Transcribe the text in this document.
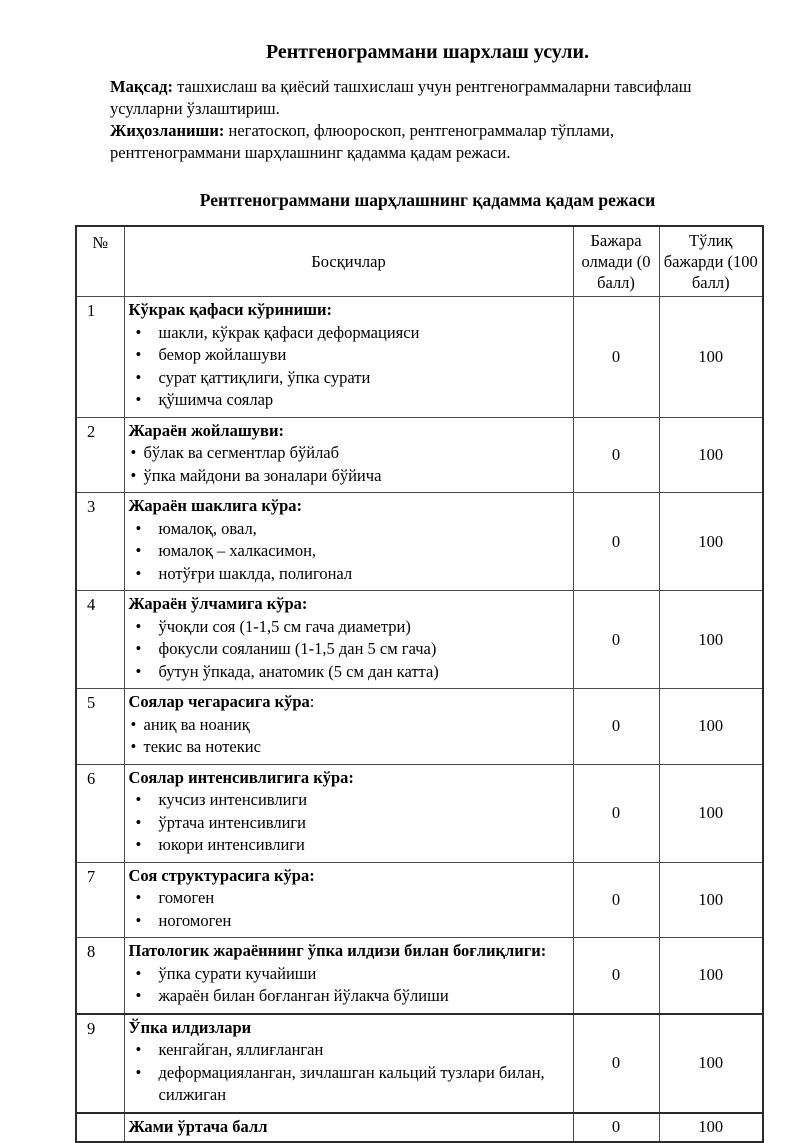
Рентгенограммани шархлаш усули.

Мақсад: ташхислаш ва қиёсий ташхислаш учун рентгенограммаларни тавсифлаш усулларни ўзлаштириш.

Жиҳозланиши: негатоскоп, флюороскоп, рентгенограммалар тўплами, рентгенограммани шарҳлашнинг қадамма қадам режаси.

Рентгенограммани шарҳлашнинг қадамма қадам режаси
№	Босқичлар	Бажара олмади (0 балл)	Тўлиқ бажарди (100 балл)
1	Кўкрак қафаси кўриниши:
•	шакли, кўкрак қафаси деформацияси
•	бемор жойлашуви
•	сурат қаттиқлиги, ўпка сурати
•	қўшимча соялар
	0	100
2	Жараён жойлашуви:
• бўлак ва сегментлар бўйлаб
• ўпка майдони ва зоналари бўйича	0	100
3	Жараён шаклига кўра:
•	юмалоқ, овал,
•	юмалоқ – халкасимон,
•	нотўғри шаклда, полигонал
	0	100
4	Жараён ўлчамига кўра:
•	ўчоқли соя (1-1,5 см гача диаметри)
•	фокусли сояланиш (1-1,5 дан 5 см гача)
•	бутун ўпкада, анатомик (5 см дан катта)
	0	100
5	Соялар чегарасига кўра:
• аниқ ва ноаниқ
• текис ва нотекис	0	100
6	Соялар интенсивлигига кўра:
•	кучсиз интенсивлиги
•	ўртача интенсивлиги
•	юкори интенсивлиги
	0	100
7	Соя структурасига кўра:
• гомоген
• ногомоген	0	100
8	Патологик жараённинг ўпка илдизи билан боғлиқлиги:
• ўпка сурати кучайиши
• жараён билан боғланган йўлакча бўлиши	0	100
9	Ўпка илдизлари
• кенгайган, яллиғланган
• деформацияланган, зичлашган кальций тузлари билан, силжиган	0	100

	Жами ўртача балл	0	100
